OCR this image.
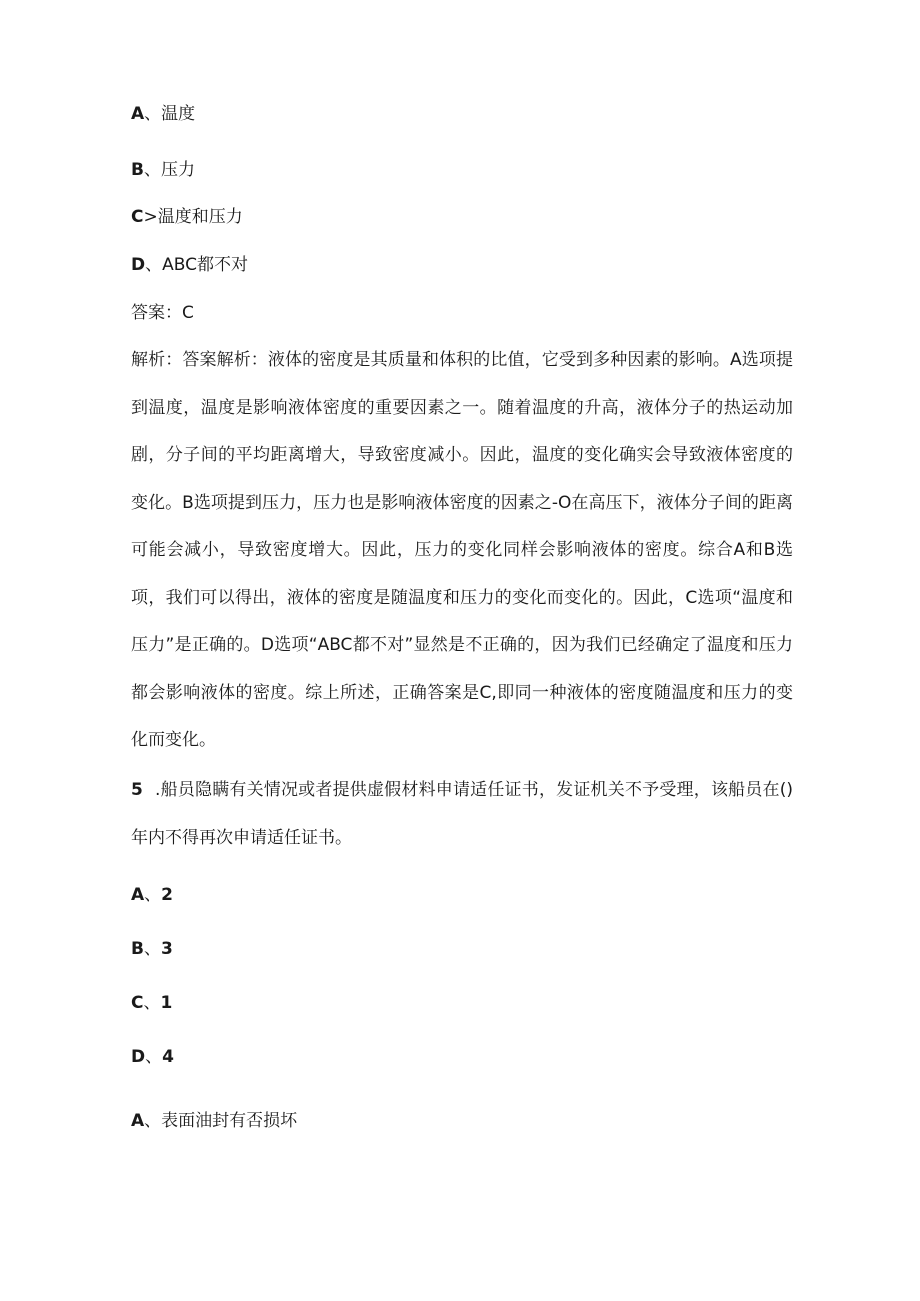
A、温度
B、压力
C>温度和压力
D、ABC都不对
答案：C
解析：答案解析：液体的密度是其质量和体积的比值，它受到多种因素的影响。A选项提到温度，温度是影响液体密度的重要因素之一。随着温度的升高，液体分子的热运动加剧，分子间的平均距离增大，导致密度减小。因此，温度的变化确实会导致液体密度的变化。B选项提到压力，压力也是影响液体密度的因素之-O在高压下，液体分子间的距离可能会减小，导致密度增大。因此，压力的变化同样会影响液体的密度。综合A和B选项，我们可以得出，液体的密度是随温度和压力的变化而变化的。因此，C选项“温度和压力”是正确的。D选项“ABC都不对”显然是不正确的，因为我们已经确定了温度和压力都会影响液体的密度。综上所述，正确答案是C,即同一种液体的密度随温度和压力的变化而变化。
5 .船员隐瞒有关情况或者提供虚假材料申请适任证书，发证机关不予受理，该船员在()年内不得再次申请适任证书。
A、2
B、3
C、1
D、4
A、表面油封有否损坏
